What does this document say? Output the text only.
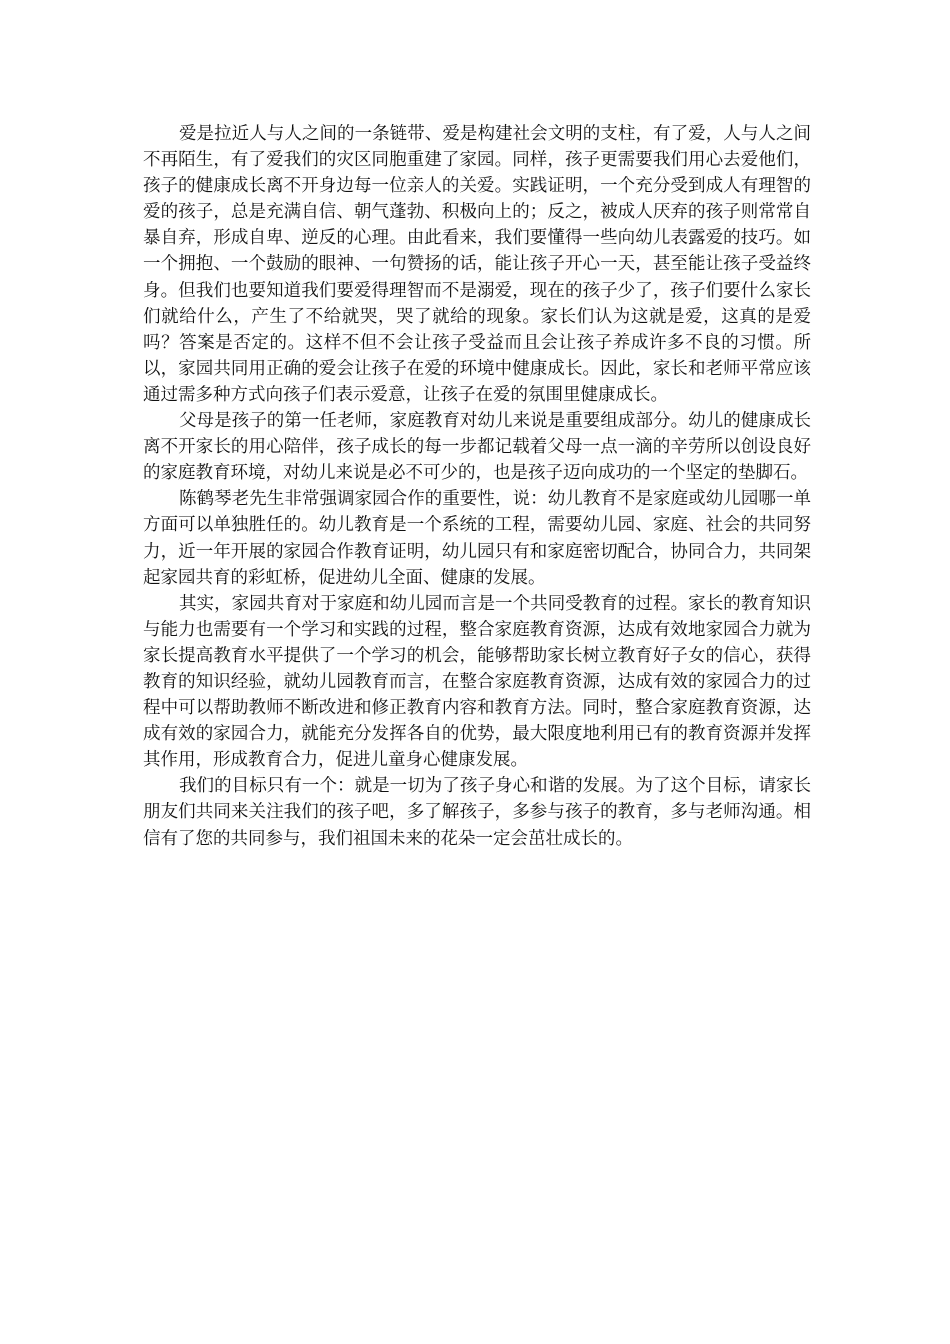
爱是拉近人与人之间的一条链带、爱是构建社会文明的支柱，有了爱，人与人之间不再陌生，有了爱我们的灾区同胞重建了家园。同样，孩子更需要我们用心去爱他们，孩子的健康成长离不开身边每一位亲人的关爱。实践证明，一个充分受到成人有理智的爱的孩子，总是充满自信、朝气蓬勃、积极向上的；反之，被成人厌弃的孩子则常常自暴自弃，形成自卑、逆反的心理。由此看来，我们要懂得一些向幼儿表露爱的技巧。如一个拥抱、一个鼓励的眼神、一句赞扬的话，能让孩子开心一天，甚至能让孩子受益终身。但我们也要知道我们要爱得理智而不是溺爱，现在的孩子少了，孩子们要什么家长们就给什么，产生了不给就哭，哭了就给的现象。家长们认为这就是爱，这真的是爱吗？答案是否定的。这样不但不会让孩子受益而且会让孩子养成许多不良的习惯。所以，家园共同用正确的爱会让孩子在爱的环境中健康成长。因此，家长和老师平常应该通过需多种方式向孩子们表示爱意，让孩子在爱的氛围里健康成长。

父母是孩子的第一任老师，家庭教育对幼儿来说是重要组成部分。幼儿的健康成长离不开家长的用心陪伴，孩子成长的每一步都记载着父母一点一滴的辛劳所以创设良好的家庭教育环境，对幼儿来说是必不可少的，也是孩子迈向成功的一个坚定的垫脚石。

陈鹤琴老先生非常强调家园合作的重要性，说：幼儿教育不是家庭或幼儿园哪一单方面可以单独胜任的。幼儿教育是一个系统的工程，需要幼儿园、家庭、社会的共同努力，近一年开展的家园合作教育证明，幼儿园只有和家庭密切配合，协同合力，共同架起家园共育的彩虹桥，促进幼儿全面、健康的发展。

其实，家园共育对于家庭和幼儿园而言是一个共同受教育的过程。家长的教育知识与能力也需要有一个学习和实践的过程，整合家庭教育资源，达成有效地家园合力就为家长提高教育水平提供了一个学习的机会，能够帮助家长树立教育好子女的信心，获得教育的知识经验，就幼儿园教育而言，在整合家庭教育资源，达成有效的家园合力的过程中可以帮助教师不断改进和修正教育内容和教育方法。同时，整合家庭教育资源，达成有效的家园合力，就能充分发挥各自的优势，最大限度地利用已有的教育资源并发挥其作用，形成教育合力，促进儿童身心健康发展。

我们的目标只有一个：就是一切为了孩子身心和谐的发展。为了这个目标，请家长朋友们共同来关注我们的孩子吧，多了解孩子，多参与孩子的教育，多与老师沟通。相信有了您的共同参与，我们祖国未来的花朵一定会茁壮成长的。
